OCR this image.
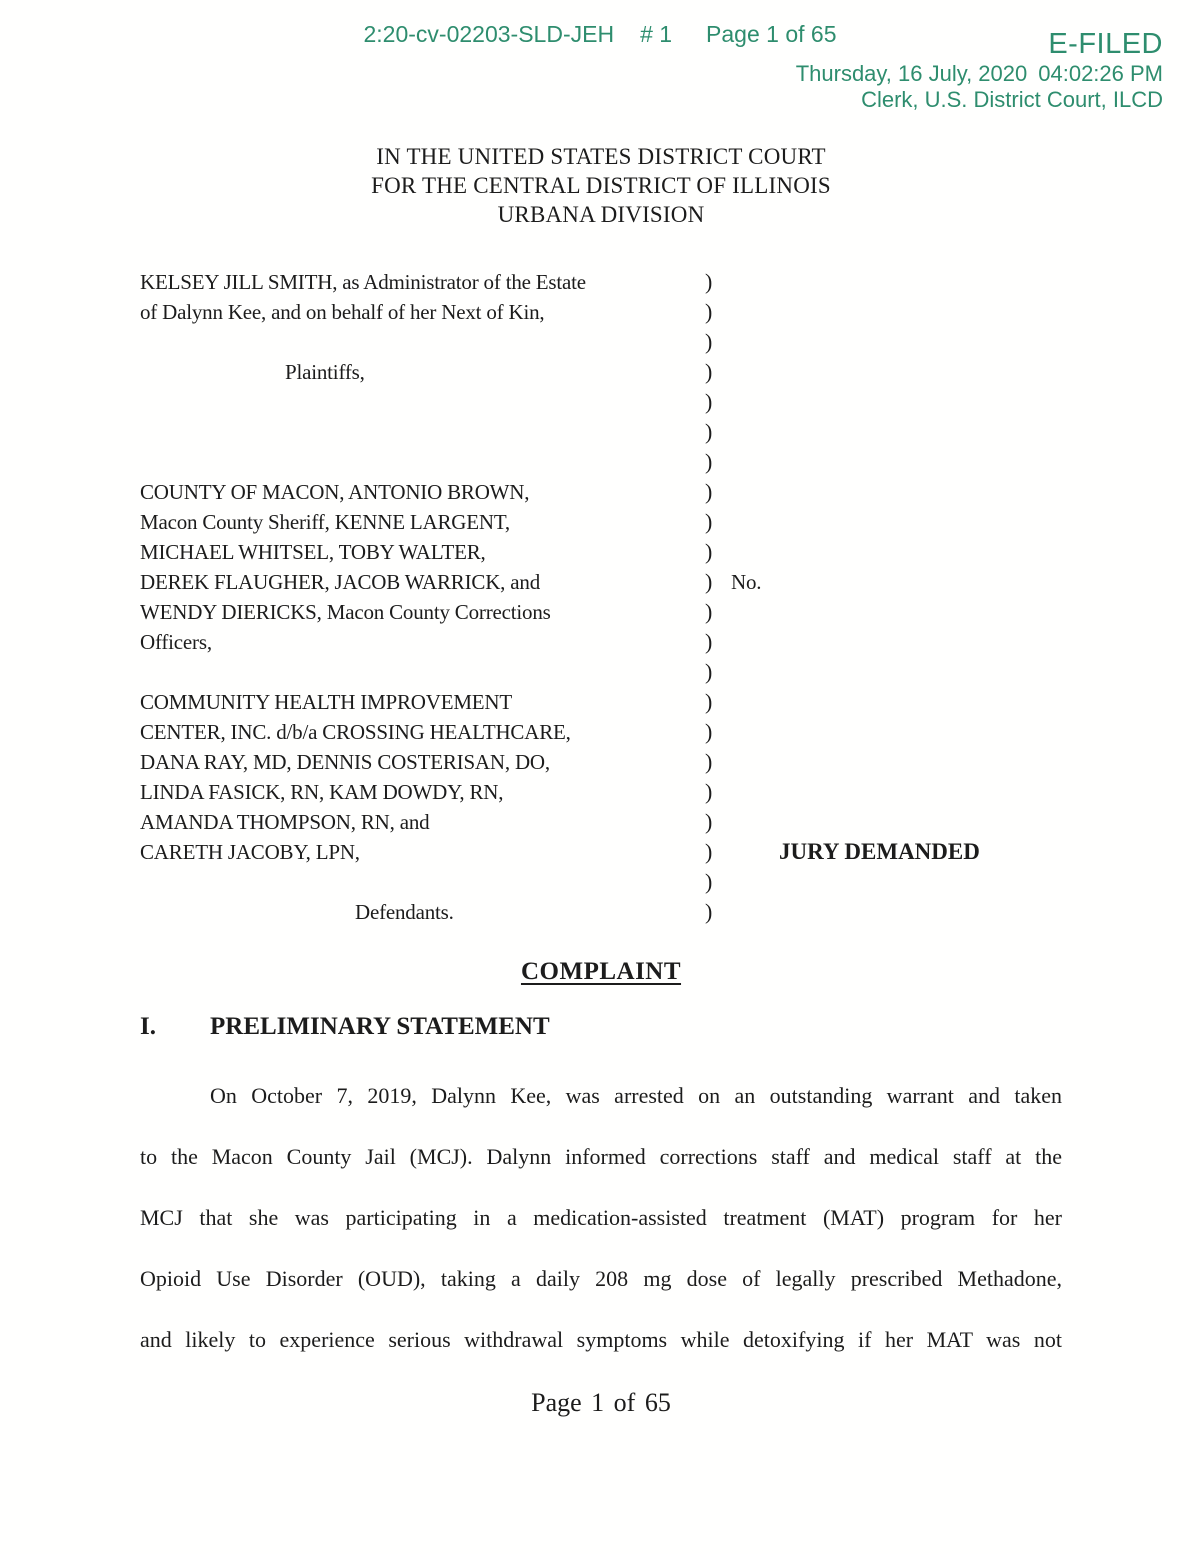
2:20-cv-02203-SLD-JEH # 1 Page 1 of 65	E-FILED
Thursday, 16 July, 2020 04:02:26 PM
Clerk, U.S. District Court, ILCD
IN THE UNITED STATES DISTRICT COURT
FOR THE CENTRAL DISTRICT OF ILLINOIS
URBANA DIVISION
KELSEY JILL SMITH, as Administrator of the Estate	)
of Dalynn Kee, and on behalf of her Next of Kin,	)
)
Plaintiffs,	)
)
)
)
COUNTY OF MACON, ANTONIO BROWN,	)
Macon County Sheriff, KENNE LARGENT,	)
MICHAEL WHITSEL, TOBY WALTER,	)
DEREK FLAUGHER, JACOB WARRICK, and	) No.
WENDY DIERICKS, Macon County Corrections	)
Officers,	)
)
COMMUNITY HEALTH IMPROVEMENT	)
CENTER, INC. d/b/a CROSSING HEALTHCARE,	)
DANA RAY, MD, DENNIS COSTERISAN, DO,	)
LINDA FASICK, RN, KAM DOWDY, RN,	)
AMANDA THOMPSON, RN, and	)
CARETH JACOBY, LPN,	)	JURY DEMANDED
)
Defendants.	)
COMPLAINT
I.	PRELIMINARY STATEMENT
On October 7, 2019, Dalynn Kee, was arrested on an outstanding warrant and taken
to the Macon County Jail (MCJ). Dalynn informed corrections staff and medical staff at the
MCJ that she was participating in a medication-assisted treatment (MAT) program for her
Opioid Use Disorder (OUD), taking a daily 208 mg dose of legally prescribed Methadone,
and likely to experience serious withdrawal symptoms while detoxifying if her MAT was not
Page 1 of 65
